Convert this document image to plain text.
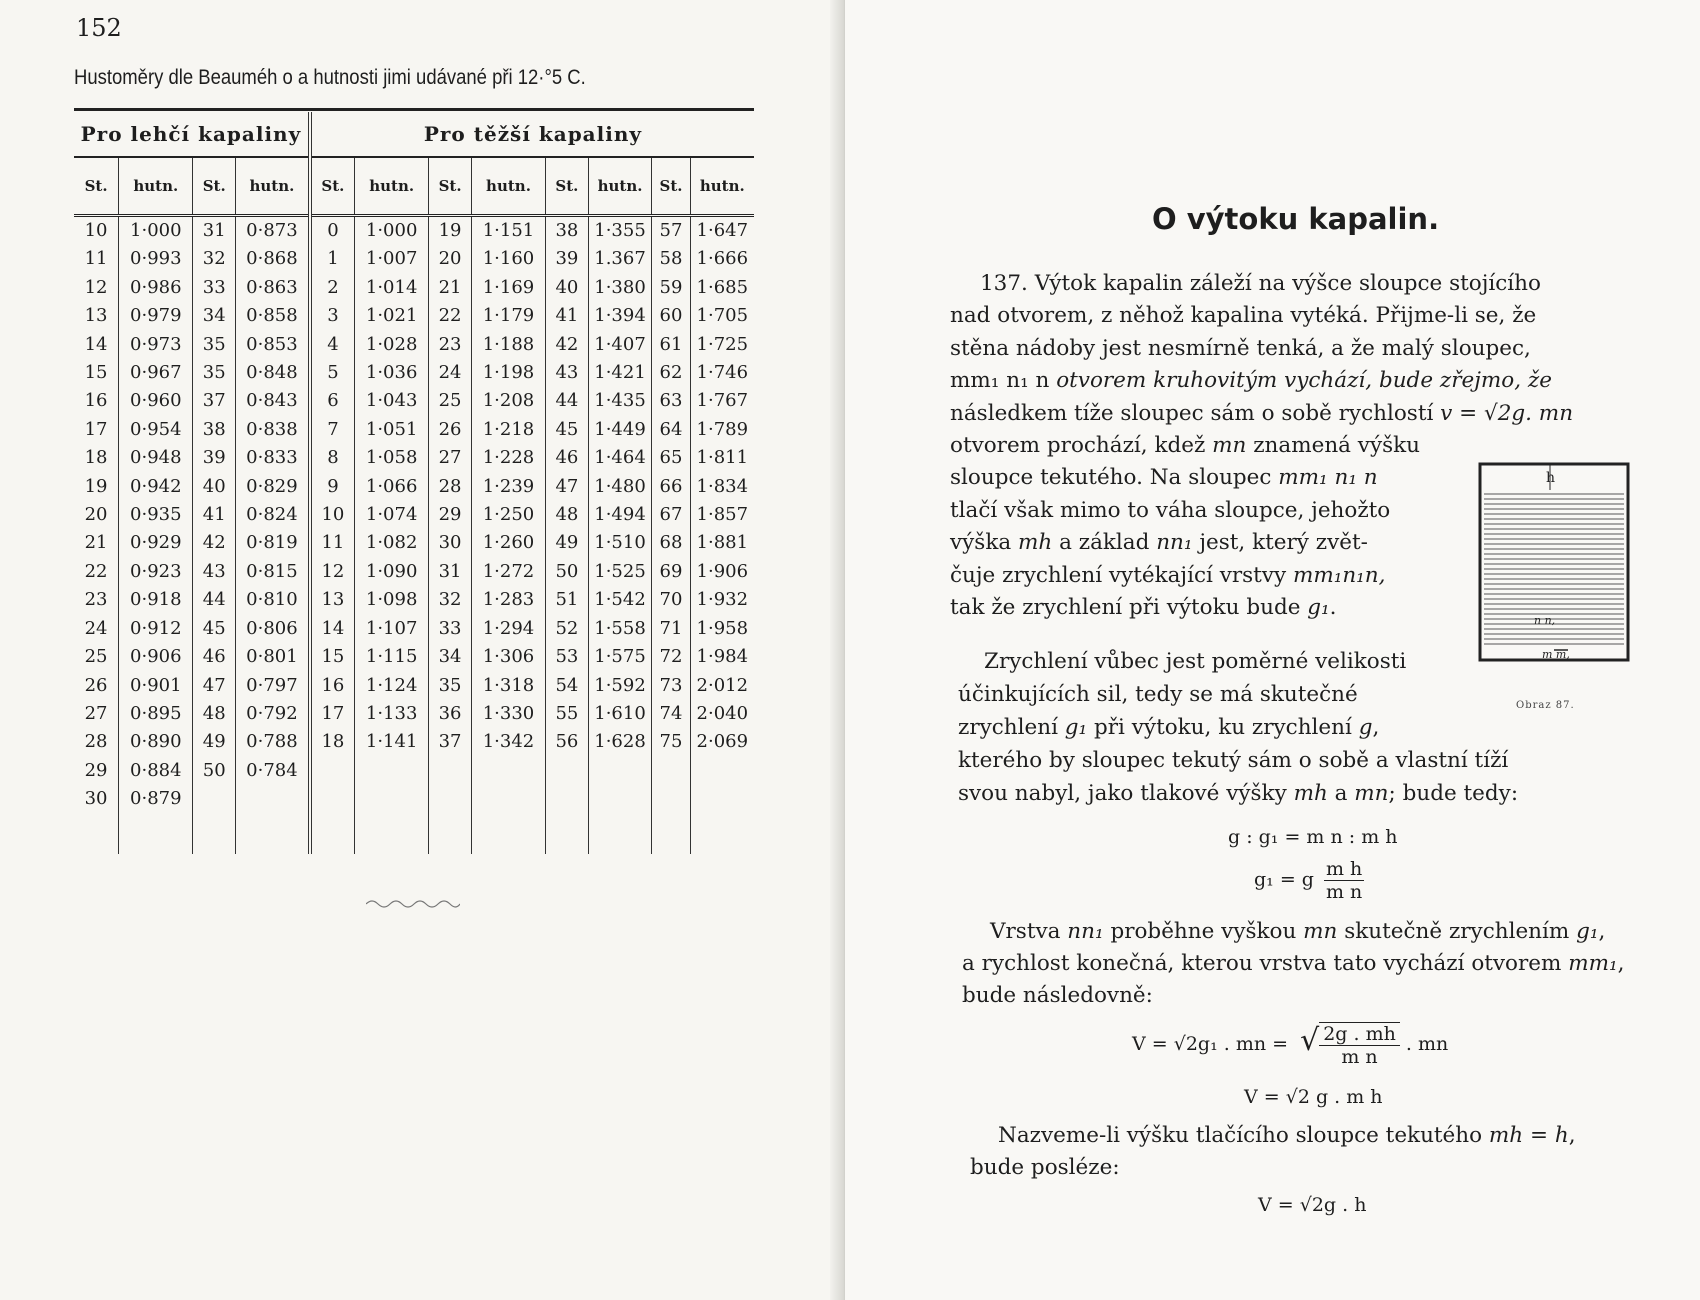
152
Hustoměry dle Beauméh o a hutnosti jimi udávané při 12·°5 C.
Pro lehčí kapaliny				Pro těžší kapaliny							
St.	hutn.	St.	hutn.	St.	hutn.	St.	hutn.	St.	hutn.	St.	hutn.
10	1·000	31	0·873	0	1·000	19	1·151	38	1·355	57	1·647
11	0·993	32	0·868	1	1·007	20	1·160	39	1.367	58	1·666
12	0·986	33	0·863	2	1·014	21	1·169	40	1·380	59	1·685
13	0·979	34	0·858	3	1·021	22	1·179	41	1·394	60	1·705
14	0·973	35	0·853	4	1·028	23	1·188	42	1·407	61	1·725
15	0·967	35	0·848	5	1·036	24	1·198	43	1·421	62	1·746
16	0·960	37	0·843	6	1·043	25	1·208	44	1·435	63	1·767
17	0·954	38	0·838	7	1·051	26	1·218	45	1·449	64	1·789
18	0·948	39	0·833	8	1·058	27	1·228	46	1·464	65	1·811
19	0·942	40	0·829	9	1·066	28	1·239	47	1·480	66	1·834
20	0·935	41	0·824	10	1·074	29	1·250	48	1·494	67	1·857
21	0·929	42	0·819	11	1·082	30	1·260	49	1·510	68	1·881
22	0·923	43	0·815	12	1·090	31	1·272	50	1·525	69	1·906
23	0·918	44	0·810	13	1·098	32	1·283	51	1·542	70	1·932
24	0·912	45	0·806	14	1·107	33	1·294	52	1·558	71	1·958
25	0·906	46	0·801	15	1·115	34	1·306	53	1·575	72	1·984
26	0·901	47	0·797	16	1·124	35	1·318	54	1·592	73	2·012
27	0·895	48	0·792	17	1·133	36	1·330	55	1·610	74	2·040
28	0·890	49	0·788	18	1·141	37	1·342	56	1·628	75	2·069
29	0·884	50	0·784								
30	0·879										

O výtoku kapalin.
137. Výtok kapalin záleží na výšce sloupce stojícího
nad otvorem, z něhož kapalina vytéká. Přijme-li se, že
stěna nádoby jest nesmírně tenká, a že malý sloupec,
mm₁ n₁ n otvorem kruhovitým vychází, bude zřejmo, že
následkem tíže sloupec sám o sobě rychlostí v = √2g. mn
otvorem prochází, kdež mn znamená výšku
sloupce tekutého. Na sloupec mm₁ n₁ n
tlačí však mimo to váha sloupce, jehožto
výška mh a základ nn₁ jest, který zvět-
čuje zrychlení vytékající vrstvy mm₁n₁n,
tak že zrychlení při výtoku bude g₁.
Zrychlení vůbec jest poměrné velikosti
účinkujících sil, tedy se má skutečné
zrychlení g₁ při výtoku, ku zrychlení g,
kterého by sloupec tekutý sám o sobě a vlastní tíží
svou nabyl, jako tlakové výšky mh a mn; bude tedy:
g : g₁ = m n : m h
g₁ = g $\frac{\text{m h}}{\text{m n}}$
Vrstva nn₁ proběhne vyškou mn skutečně zrychlením g₁,
a rychlost konečná, kterou vrstva tato vychází otvorem mm₁,
bude následovně:
V = √2g₁ . mn = √ $\frac{2g . mh}{\text{m n}}$ . mn
V = √2 g . m h
Nazveme-li výšku tlačícího sloupce tekutého mh = h,
bude posléze:
V = √2g . h
h
n n,
m m,
Obraz 87.
